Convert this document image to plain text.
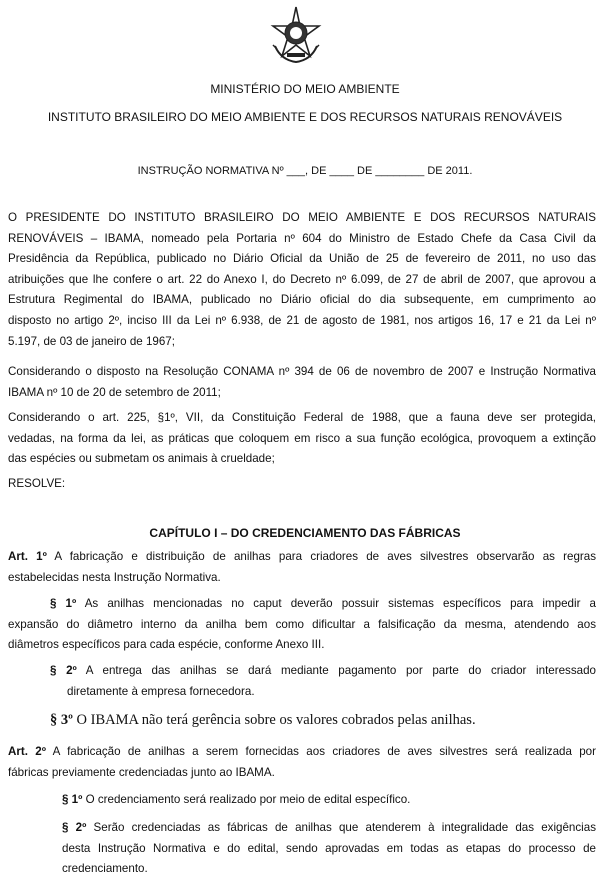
MINISTÉRIO DO MEIO AMBIENTE
INSTITUTO BRASILEIRO DO MEIO AMBIENTE E DOS RECURSOS NATURAIS RENOVÁVEIS
INSTRUÇÃO NORMATIVA Nº ___, DE ____ DE ________ DE 2011.

O PRESIDENTE DO INSTITUTO BRASILEIRO DO MEIO AMBIENTE E DOS RECURSOS NATURAIS

RENOVÁVEIS – IBAMA, nomeado pela Portaria nº 604 do Ministro de Estado Chefe da Casa Civil da

Presidência da República, publicado no Diário Oficial da União de 25 de fevereiro de 2011, no uso das

atribuições que lhe confere o art. 22 do Anexo I, do Decreto nº 6.099, de 27 de abril de 2007, que aprovou a

Estrutura Regimental do IBAMA, publicado no Diário oficial do dia subsequente, em cumprimento ao

disposto no artigo 2º, inciso III da Lei nº 6.938, de 21 de agosto de 1981, nos artigos 16, 17 e 21 da Lei nº

5.197, de 03 de janeiro de 1967;

Considerando o disposto na Resolução CONAMA nº 394 de 06 de novembro de 2007 e Instrução Normativa

IBAMA nº 10 de 20 de setembro de 2011;

Considerando o art. 225, §1º, VII, da Constituição Federal de 1988, que a fauna deve ser protegida,

vedadas, na forma da lei, as práticas que coloquem em risco a sua função ecológica, provoquem a extinção

das espécies ou submetam os animais à crueldade;

RESOLVE:

CAPÍTULO I – DO CREDENCIAMENTO DAS FÁBRICAS

Art. 1º A fabricação e distribuição de anilhas para criadores de aves silvestres observarão as regras

estabelecidas nesta Instrução Normativa.

§ 1º As anilhas mencionadas no caput deverão possuir sistemas específicos para impedir a

expansão do diâmetro interno da anilha bem como dificultar a falsificação da mesma, atendendo aos

diâmetros específicos para cada espécie, conforme Anexo III.

§ 2º A entrega das anilhas se dará mediante pagamento por parte do criador interessado

diretamente à empresa fornecedora.

§ 3º O IBAMA não terá gerência sobre os valores cobrados pelas anilhas.

Art. 2º A fabricação de anilhas a serem fornecidas aos criadores de aves silvestres será realizada por

fábricas previamente credenciadas junto ao IBAMA.

§ 1º O credenciamento será realizado por meio de edital específico.

§ 2º Serão credenciadas as fábricas de anilhas que atenderem à integralidade das exigências

desta Instrução Normativa e do edital, sendo aprovadas em todas as etapas do processo de

credenciamento.
